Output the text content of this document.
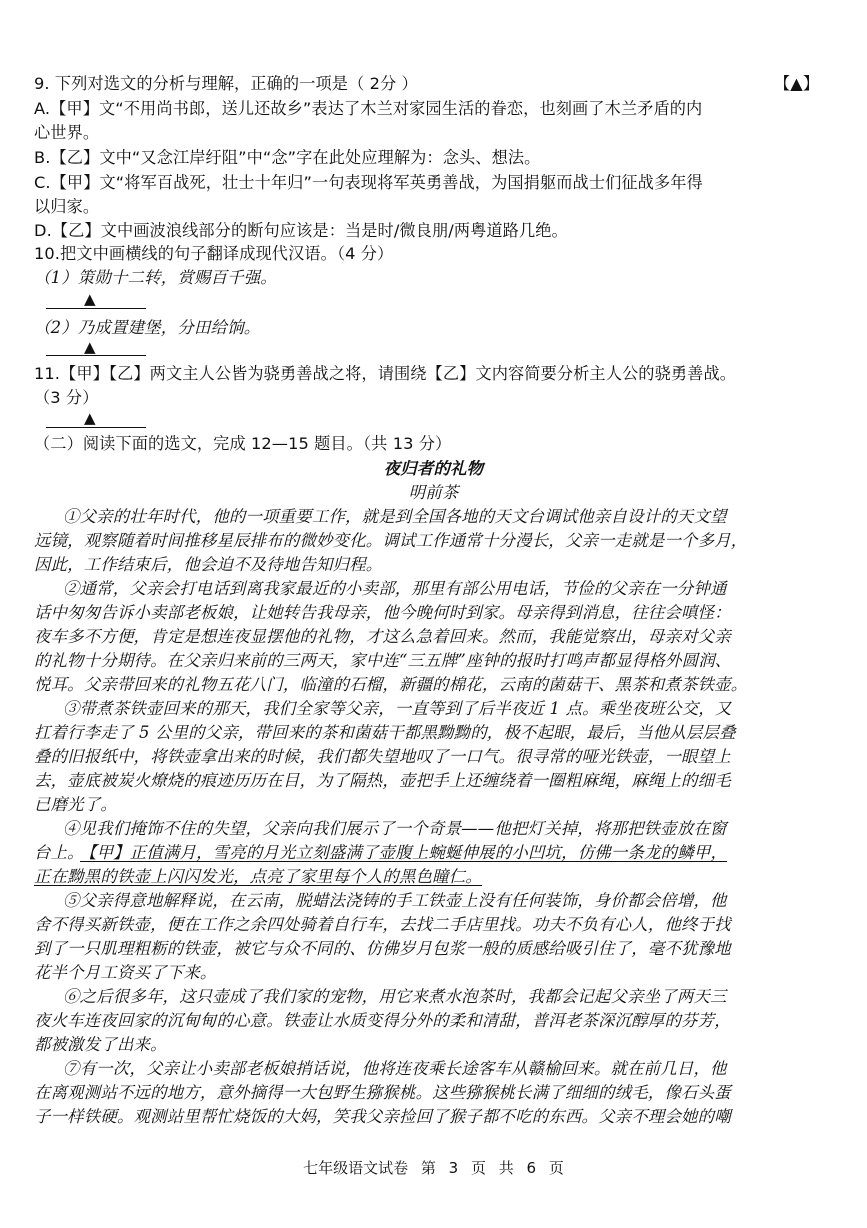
9. 下列对选文的分析与理解，正确的一项是（ 2分 ）	【▲】
A.【甲】文“不用尚书郎，送儿还故乡”表达了木兰对家园生活的眷恋，也刻画了木兰矛盾的内
心世界。
B.【乙】文中“又念江岸纡阻”中“念”字在此处应理解为：念头、想法。
C.【甲】文“将军百战死，壮士十年归”一句表现将军英勇善战，为国捐躯而战士们征战多年得
以归家。
D.【乙】文中画波浪线部分的断句应该是：当是时/微良朋/两粤道路几绝。
10.把文中画横线的句子翻译成现代汉语。（4 分）
（1）策勋十二转，赏赐百千强。
▲
（2）乃成置建堡，分田给饷。
▲
11.【甲】【乙】两文主人公皆为骁勇善战之将，请围绕【乙】文内容简要分析主人公的骁勇善战。
（3 分）
▲
（二）阅读下面的选文，完成 12—15 题目。（共 13 分）
夜归者的礼物
明前茶
①父亲的壮年时代，他的一项重要工作，就是到全国各地的天文台调试他亲自设计的天文望
远镜，观察随着时间推移星辰排布的微妙变化。调试工作通常十分漫长，父亲一走就是一个多月，
因此，工作结束后，他会迫不及待地告知归程。
②通常，父亲会打电话到离我家最近的小卖部，那里有部公用电话，节俭的父亲在一分钟通
话中匆匆告诉小卖部老板娘，让她转告我母亲，他今晚何时到家。母亲得到消息，往往会嗔怪：
夜车多不方便，肯定是想连夜显摆他的礼物，才这么急着回来。然而，我能觉察出，母亲对父亲
的礼物十分期待。在父亲归来前的三两天，家中连“三五牌”座钟的报时打鸣声都显得格外圆润、
悦耳。父亲带回来的礼物五花八门，临潼的石榴，新疆的棉花，云南的菌菇干、黑茶和煮茶铁壶。
③带煮茶铁壶回来的那天，我们全家等父亲，一直等到了后半夜近 1 点。乘坐夜班公交，又
扛着行李走了 5 公里的父亲，带回来的茶和菌菇干都黑黝黝的，极不起眼，最后，当他从层层叠
叠的旧报纸中，将铁壶拿出来的时候，我们都失望地叹了一口气。很寻常的哑光铁壶，一眼望上
去，壶底被炭火燎烧的痕迹历历在目，为了隔热，壶把手上还缠绕着一圈粗麻绳，麻绳上的细毛
已磨光了。
④见我们掩饰不住的失望，父亲向我们展示了一个奇景——他把灯关掉，将那把铁壶放在窗
台上。
【甲】正值满月，雪亮的月光立刻盛满了壶腹上蜿蜒伸展的小凹坑，仿佛一条龙的鳞甲，
正在黝黑的铁壶上闪闪发光，点亮了家里每个人的黑色瞳仁。
⑤父亲得意地解释说，在云南，脱蜡法浇铸的手工铁壶上没有任何装饰，身价都会倍增，他
舍不得买新铁壶，便在工作之余四处骑着自行车，去找二手店里找。功夫不负有心人，他终于找
到了一只肌理粗粝的铁壶，被它与众不同的、仿佛岁月包浆一般的质感给吸引住了，毫不犹豫地
花半个月工资买了下来。
⑥之后很多年，这只壶成了我们家的宠物，用它来煮水泡茶时，我都会记起父亲坐了两天三
夜火车连夜回家的沉甸甸的心意。铁壶让水质变得分外的柔和清甜，普洱老茶深沉醇厚的芬芳，
都被激发了出来。
⑦有一次，父亲让小卖部老板娘捎话说，他将连夜乘长途客车从赣榆回来。就在前几日，他
在离观测站不远的地方，意外摘得一大包野生猕猴桃。这些猕猴桃长满了细细的绒毛，像石头蛋
子一样铁硬。观测站里帮忙烧饭的大妈，笑我父亲捡回了猴子都不吃的东西。父亲不理会她的嘲
七年级语文试卷 第 3 页 共 6 页
